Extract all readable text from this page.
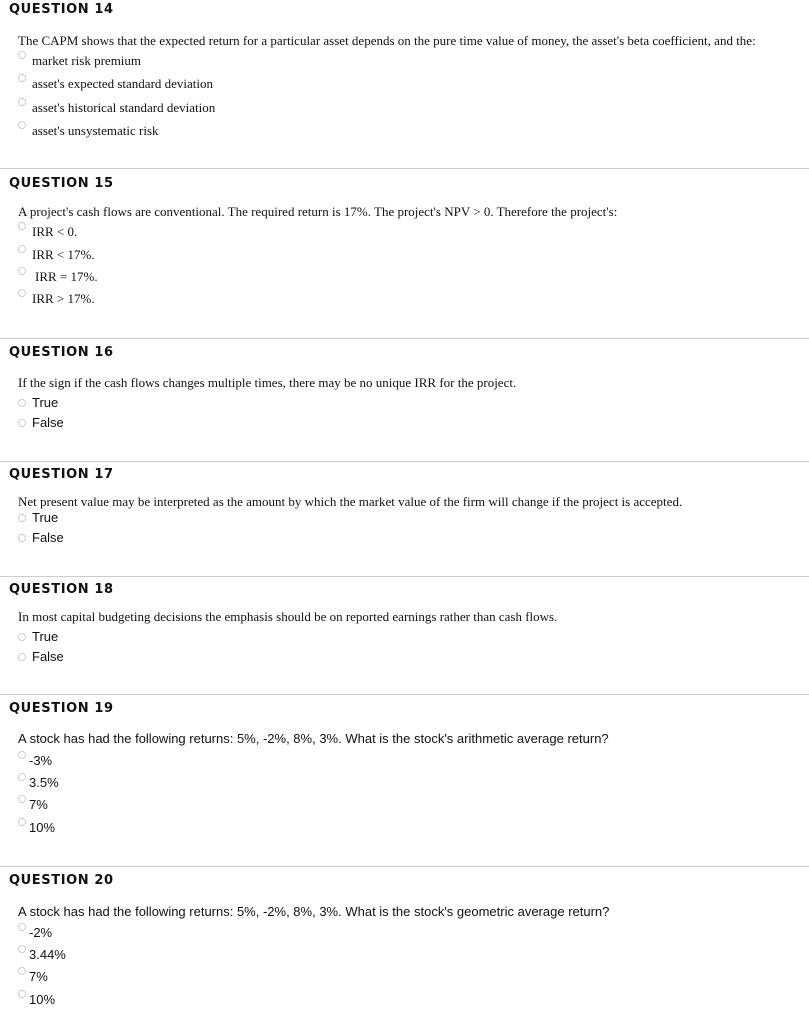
QUESTION 14
The CAPM shows that the expected return for a particular asset depends on the pure time value of money, the asset's beta coefficient, and the:
market risk premium
asset's expected standard deviation
asset's historical standard deviation
asset's unsystematic risk
QUESTION 15
A project's cash flows are conventional. The required return is 17%. The project's NPV > 0. Therefore the project's:
IRR < 0.
IRR < 17%.
IRR = 17%.
IRR > 17%.
QUESTION 16
If the sign if the cash flows changes multiple times, there may be no unique IRR for the project.
True
False
QUESTION 17
Net present value may be interpreted as the amount by which the market value of the firm will change if the project is accepted.
True
False
QUESTION 18
In most capital budgeting decisions the emphasis should be on reported earnings rather than cash flows.
True
False
QUESTION 19
A stock has had the following returns: 5%, -2%, 8%, 3%. What is the stock's arithmetic average return?
-3%
3.5%
7%
10%
QUESTION 20
A stock has had the following returns: 5%, -2%, 8%, 3%. What is the stock's geometric average return?
-2%
3.44%
7%
10%
